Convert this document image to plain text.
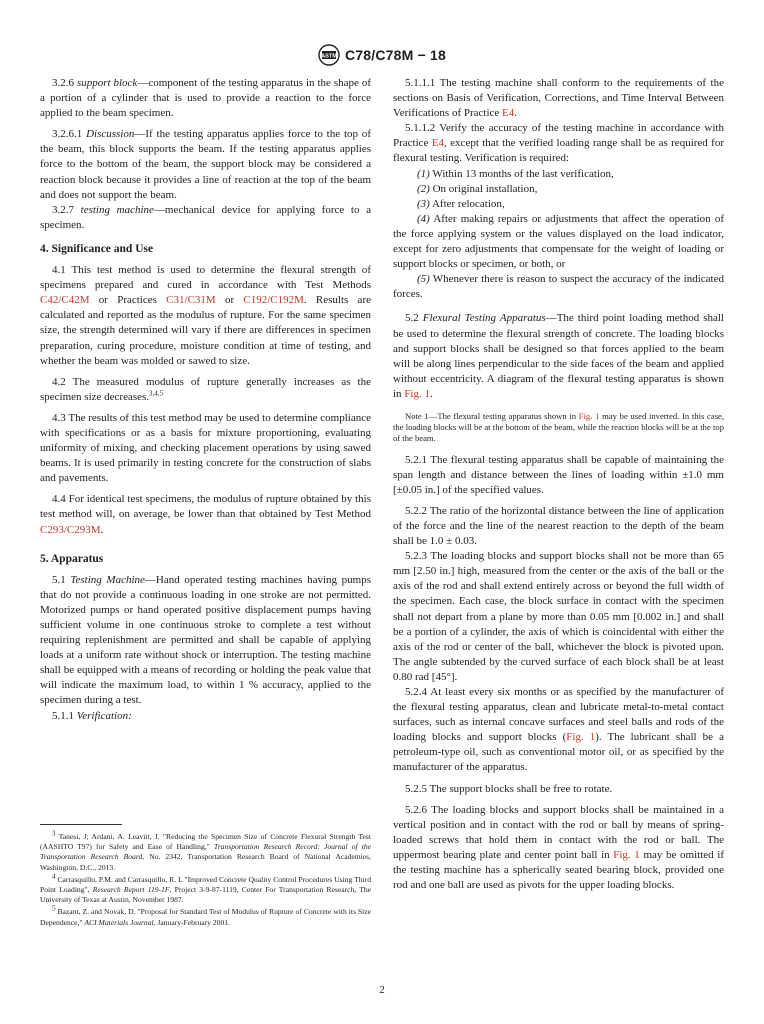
ASTM C78/C78M − 18

3.2.6 support block—component of the testing apparatus in the shape of a portion of a cylinder that is used to provide a reaction to the force applied to the beam specimen.

3.2.6.1 Discussion—If the testing apparatus applies force to the top of the beam, this block supports the beam. If the testing apparatus applies force to the bottom of the beam, the support block may be considered a reaction block because it provides a line of reaction at the top of the beam and does not support the beam.

3.2.7 testing machine—mechanical device for applying force to a specimen.

4. Significance and Use

4.1 This test method is used to determine the flexural strength of specimens prepared and cured in accordance with Test Methods C42/C42M or Practices C31/C31M or C192/C192M. Results are calculated and reported as the modulus of rupture. For the same specimen size, the strength determined will vary if there are differences in specimen preparation, curing procedure, moisture condition at time of testing, and whether the beam was molded or sawed to size.

4.2 The measured modulus of rupture generally increases as the specimen size decreases.$^{3,4,5}$

4.3 The results of this test method may be used to determine compliance with specifications or as a basis for mixture proportioning, evaluating uniformity of mixing, and checking placement operations by using sawed beams. It is used primarily in testing concrete for the construction of slabs and pavements.

4.4 For identical test specimens, the modulus of rupture obtained by this test method will, on average, be lower than that obtained by Test Method C293/C293M.

5. Apparatus

5.1 Testing Machine—Hand operated testing machines having pumps that do not provide a continuous loading in one stroke are not permitted. Motorized pumps or hand operated positive displacement pumps having sufficient volume in one continuous stroke to complete a test without requiring replenishment are permitted and shall be capable of applying loads at a uniform rate without shock or interruption. The testing machine shall be equipped with a means of recording or holding the peak value that will indicate the maximum load, to within 1 % accuracy, applied to the specimen during a test.

5.1.1 Verification:

$^3$ Tanesi, J; Ardani, A. Leavitt, J. "Reducing the Specimen Size of Concrete Flexural Strength Test (AASHTO T97) for Safety and Ease of Handling," Transportation Research Record: Journal of the Transportation Research Board, No. 2342, Transportation Research Board of National Academies, Washington, D.C., 2013.

$^4$ Carrasquillo, P.M. and Carrasquillo, R. L "Improved Concrete Quality Control Procedures Using Third Point Loading", Research Report 119-1F, Project 3-9-87-1119, Center For Transportation Research, The University of Texas at Austin, November 1987.

$^5$ Bazant, Z. and Novak, D. "Proposal for Standard Test of Modulus of Rupture of Concrete with its Size Dependence," ACI Materials Journal, January-February 2001.

5.1.1.1 The testing machine shall conform to the requirements of the sections on Basis of Verification, Corrections, and Time Interval Between Verifications of Practice E4.

5.1.1.2 Verify the accuracy of the testing machine in accordance with Practice E4, except that the verified loading range shall be as required for flexural testing. Verification is required:

(1) Within 13 months of the last verification,

(2) On original installation,

(3) After relocation,

(4) After making repairs or adjustments that affect the operation of the force applying system or the values displayed on the load indicator, except for zero adjustments that compensate for the weight of loading or support blocks or specimen, or both, or

(5) Whenever there is reason to suspect the accuracy of the indicated forces.

5.2 Flexural Testing Apparatus—The third point loading method shall be used to determine the flexural strength of concrete. The loading blocks and support blocks shall be designed so that forces applied to the beam will be along lines perpendicular to the side faces of the beam and applied without eccentricity. A diagram of the flexural testing apparatus is shown in Fig. 1.

Note 1—The flexural testing apparatus shown in Fig. 1 may be used inverted. In this case, the loading blocks will be at the bottom of the beam, while the reaction blocks will be at the top of the beam.

5.2.1 The flexural testing apparatus shall be capable of maintaining the span length and distance between the lines of loading within ±1.0 mm [±0.05 in.] of the specified values.

5.2.2 The ratio of the horizontal distance between the line of application of the force and the line of the nearest reaction to the depth of the beam shall be 1.0 ± 0.03.

5.2.3 The loading blocks and support blocks shall not be more than 65 mm [2.50 in.] high, measured from the center or the axis of the ball or the axis of the rod and shall extend entirely across or beyond the full width of the specimen. Each case, the block surface in contact with the specimen shall not depart from a plane by more than 0.05 mm [0.002 in.] and shall be a portion of a cylinder, the axis of which is coincidental with either the axis of the rod or center of the ball, whichever the block is pivoted upon. The angle subtended by the curved surface of each block shall be at least 0.80 rad [45°].

5.2.4 At least every six months or as specified by the manufacturer of the flexural testing apparatus, clean and lubricate metal-to-metal contact surfaces, such as internal concave surfaces and steel balls and rods of the loading blocks and support blocks (Fig. 1). The lubricant shall be a petroleum-type oil, such as conventional motor oil, or as specified by the manufacturer of the apparatus.

5.2.5 The support blocks shall be free to rotate.

5.2.6 The loading blocks and support blocks shall be maintained in a vertical position and in contact with the rod or ball by means of spring-loaded screws that hold them in contact with the rod or ball. The uppermost bearing plate and center point ball in Fig. 1 may be omitted if the testing machine has a spherically seated bearing block, provided one rod and one ball are used as pivots for the upper loading blocks.

2
